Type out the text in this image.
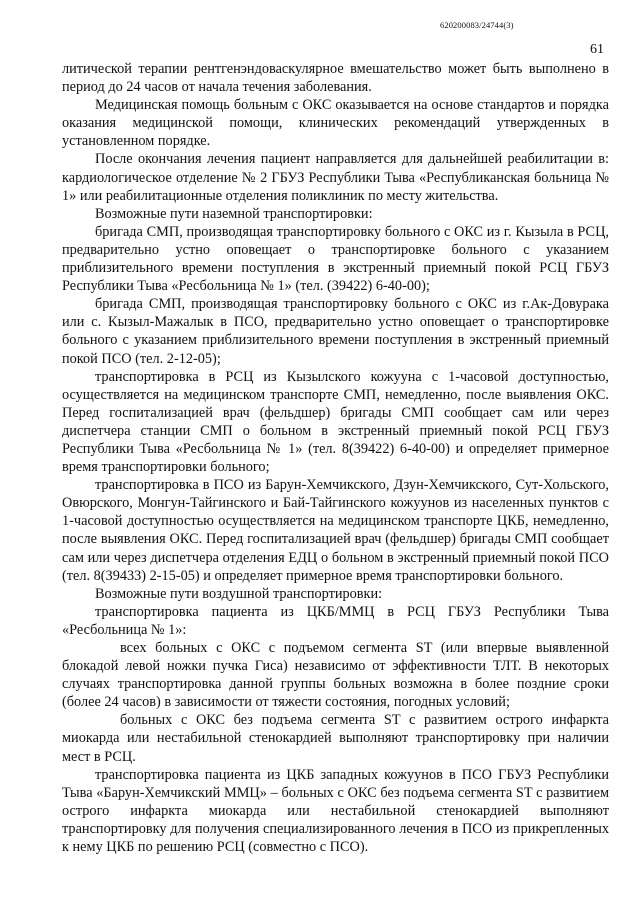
620200083/24744(3)
61

литической терапии рентгенэндоваскулярное вмешательство может быть выполнено в период до 24 часов от начала течения заболевания.

Медицинская помощь больным с ОКС оказывается на основе стандартов и порядка оказания медицинской помощи, клинических рекомендаций утвержденных в установленном порядке.

После окончания лечения пациент направляется для дальнейшей реабилитации в: кардиологическое отделение № 2 ГБУЗ Республики Тыва «Республиканская больница № 1» или реабилитационные отделения поликлиник по месту жительства.

Возможные пути наземной транспортировки:

бригада СМП, производящая транспортировку больного с ОКС из г. Кызыла в РСЦ, предварительно устно оповещает о транспортировке больного с указанием приблизительного времени поступления в экстренный приемный покой РСЦ ГБУЗ Республики Тыва «Ресбольница № 1» (тел. (39422) 6-40-00);

бригада СМП, производящая транспортировку больного с ОКС из г.Ак-Довурака или с. Кызыл-Мажалык в ПСО, предварительно устно оповещает о транспортировке больного с указанием приблизительного времени поступления в экстренный приемный покой ПСО (тел. 2-12-05);

транспортировка в РСЦ из Кызылского кожууна с 1-часовой доступностью, осуществляется на медицинском транспорте СМП, немедленно, после выявления ОКС. Перед госпитализацией врач (фельдшер) бригады СМП сообщает сам или через диспетчера станции СМП о больном в экстренный приемный покой РСЦ ГБУЗ Республики Тыва «Ресбольница № 1» (тел. 8(39422) 6-40-00) и определяет примерное время транспортировки больного;

транспортировка в ПСО из Барун-Хемчикского, Дзун-Хемчикского, Сут-Хольского, Овюрского, Монгун-Тайгинского и Бай-Тайгинского кожуунов из населенных пунктов с 1-часовой доступностью осуществляется на медицинском транспорте ЦКБ, немедленно, после выявления ОКС. Перед госпитализацией врач (фельдшер) бригады СМП сообщает сам или через диспетчера отделения ЕДЦ о больном в экстренный приемный покой ПСО (тел. 8(39433) 2-15-05) и определяет примерное время транспортировки больного.

Возможные пути воздушной транспортировки:

транспортировка пациента из ЦКБ/ММЦ в РСЦ ГБУЗ Республики Тыва «Ресбольница № 1»:

всех больных с ОКС с подъемом сегмента ST (или впервые выявленной блокадой левой ножки пучка Гиса) независимо от эффективности ТЛТ. В некоторых случаях транспортировка данной группы больных возможна в более поздние сроки (более 24 часов) в зависимости от тяжести состояния, погодных условий;

больных с ОКС без подъема сегмента ST с развитием острого инфаркта миокарда или нестабильной стенокардией выполняют транспортировку при наличии мест в РСЦ.

транспортировка пациента из ЦКБ западных кожуунов в ПСО ГБУЗ Республики Тыва «Барун-Хемчикский ММЦ» – больных с ОКС без подъема сегмента ST с развитием острого инфаркта миокарда или нестабильной стенокардией выполняют транспортировку для получения специализированного лечения в ПСО из прикрепленных к нему ЦКБ по решению РСЦ (совместно с ПСО).
